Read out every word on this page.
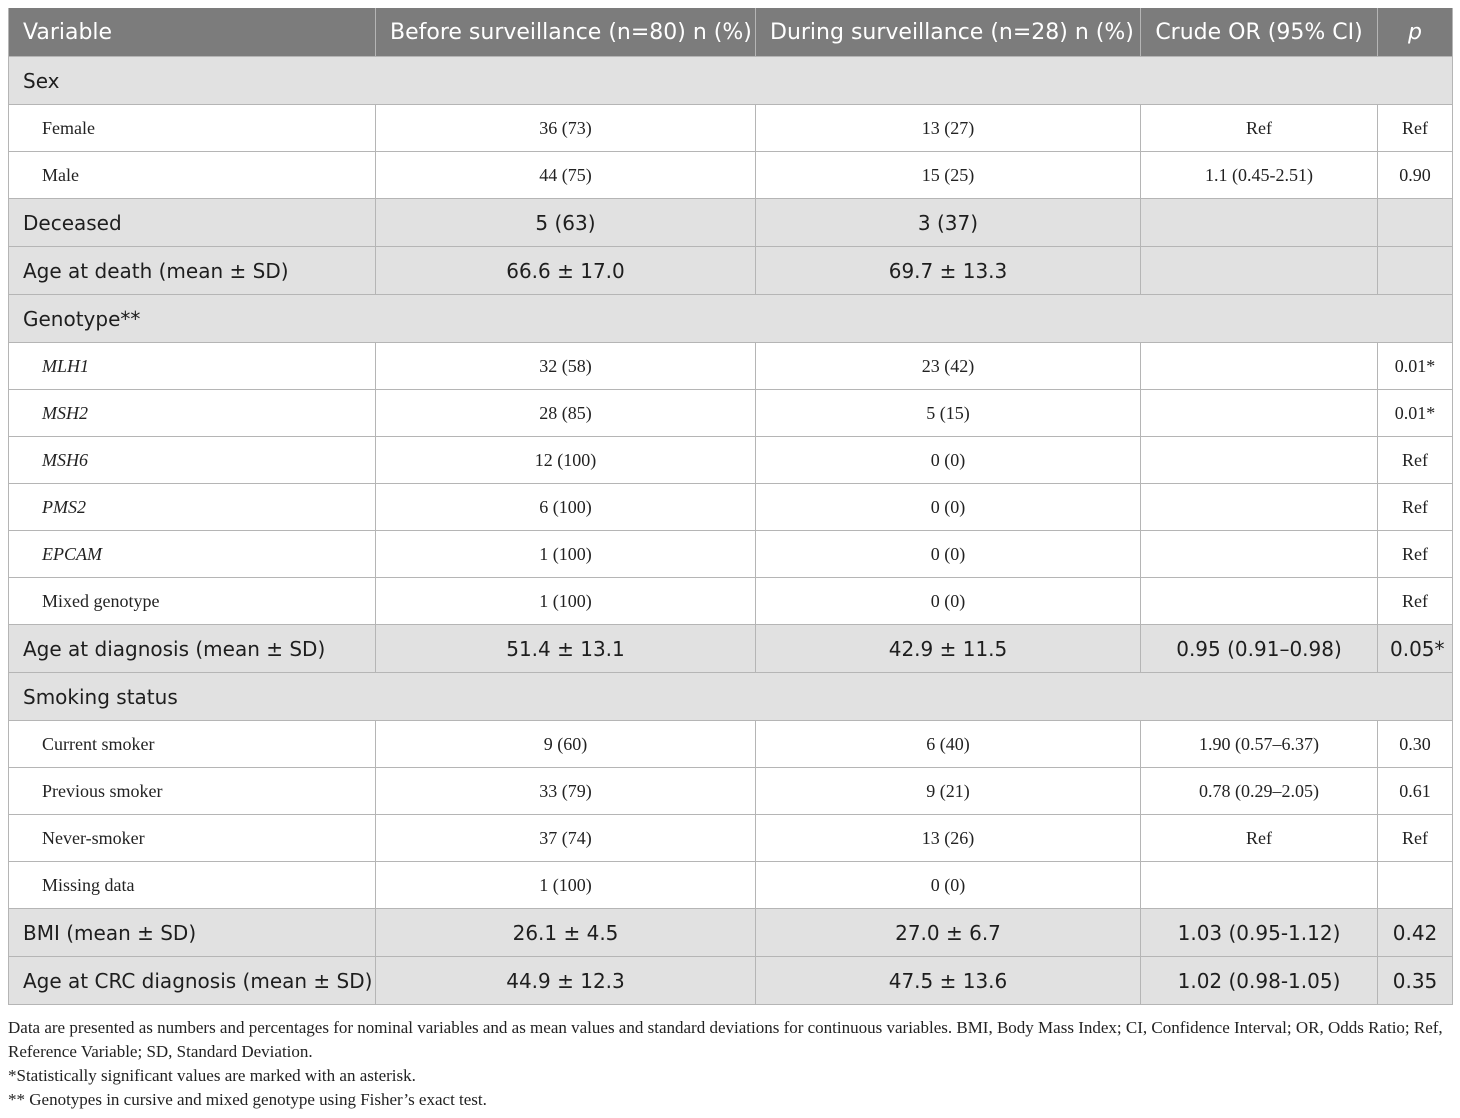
Variable	Before surveillance (n=80) n (%)	During surveillance (n=28) n (%)	Crude OR (95% CI)	p
Sex				
Female	36 (73)	13 (27)	Ref	Ref
Male	44 (75)	15 (25)	1.1 (0.45-2.51)	0.90
Deceased	5 (63)	3 (37)		
Age at death (mean ± SD)	66.6 ± 17.0	69.7 ± 13.3		
Genotype**				
MLH1	32 (58)	23 (42)		0.01*
MSH2	28 (85)	5 (15)		0.01*
MSH6	12 (100)	0 (0)		Ref
PMS2	6 (100)	0 (0)		Ref
EPCAM	1 (100)	0 (0)		Ref
Mixed genotype	1 (100)	0 (0)		Ref
Age at diagnosis (mean ± SD)	51.4 ± 13.1	42.9 ± 11.5	0.95 (0.91–0.98)	0.05*
Smoking status				
Current smoker	9 (60)	6 (40)	1.90 (0.57–6.37)	0.30
Previous smoker	33 (79)	9 (21)	0.78 (0.29–2.05)	0.61
Never-smoker	37 (74)	13 (26)	Ref	Ref
Missing data	1 (100)	0 (0)		
BMI (mean ± SD)	26.1 ± 4.5	27.0 ± 6.7	1.03 (0.95-1.12)	0.42
Age at CRC diagnosis (mean ± SD)	44.9 ± 12.3	47.5 ± 13.6	1.02 (0.98-1.05)	0.35

Data are presented as numbers and percentages for nominal variables and as mean values and standard deviations for continuous variables. BMI, Body Mass Index; CI, Confidence Interval; OR, Odds Ratio; Ref, Reference Variable; SD, Standard Deviation.

*Statistically significant values are marked with an asterisk.

** Genotypes in cursive and mixed genotype using Fisher’s exact test.
